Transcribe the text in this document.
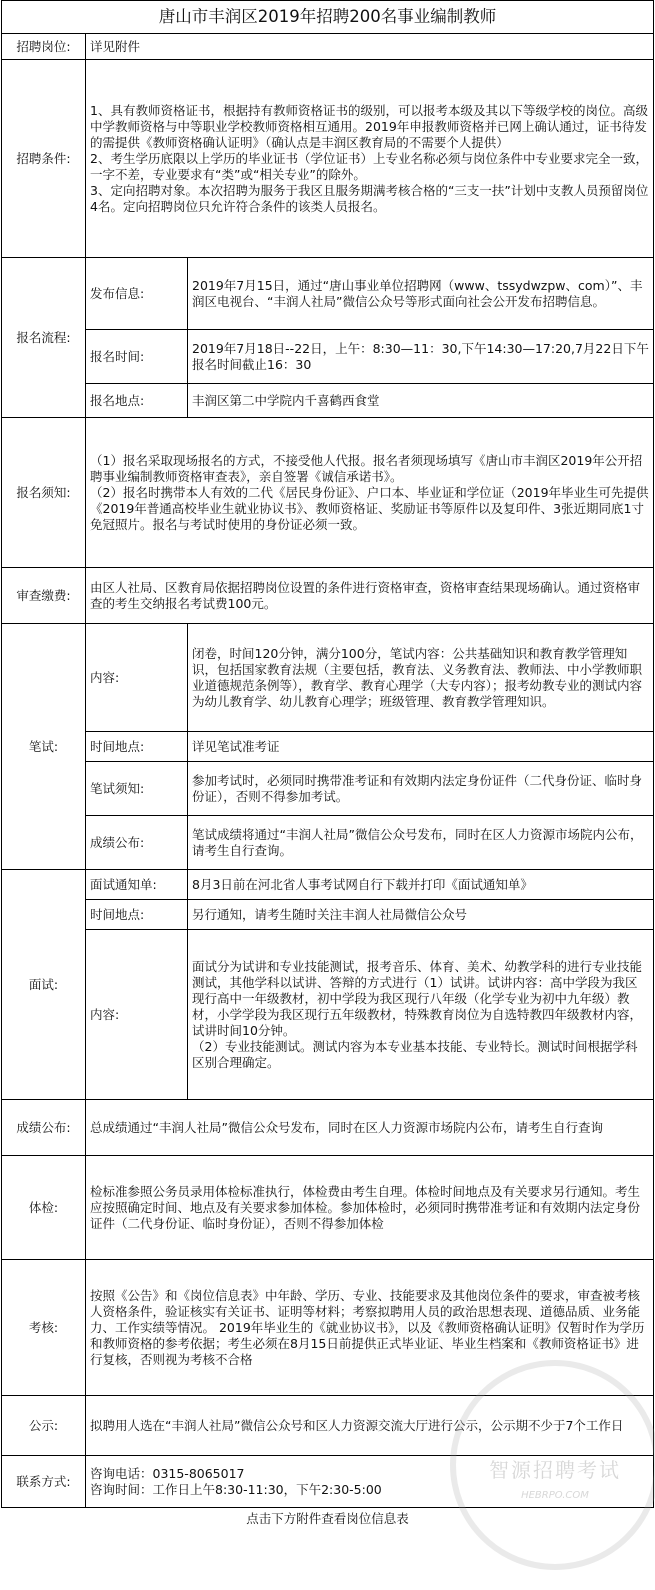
唐山市丰润区2019年招聘200名事业编制教师		
招聘岗位:	详见附件	
招聘条件:	1、具有教师资格证书，根据持有教师资格证书的级别，可以报考本级及其以下等级学校的岗位。高级中学教师资格与中等职业学校教师资格相互通用。2019年申报教师资格并已网上确认通过，证书待发的需提供《教师资格确认证明》（确认点是丰润区教育局的不需要个人提供）
2、考生学历底限以上学历的毕业证书（学位证书）上专业名称必须与岗位条件中专业要求完全一致，一字不差，专业要求有“类”或“相关专业”的除外。
3、定向招聘对象。本次招聘为服务于我区且服务期满考核合格的“三支一扶”计划中支教人员预留岗位4名。定向招聘岗位只允许符合条件的该类人员报名。	
报名流程:	发布信息:	2019年7月15日，通过“唐山事业单位招聘网（www、tssydwzpw、com）”、丰润区电视台、“丰润人社局”微信公众号等形式面向社会公开发布招聘信息。
	报名时间:	2019年7月18日--22日，上午：8:30—11：30,下午14:30—17:20,7月22日下午报名时间截止16：30
	报名地点:	丰润区第二中学院内千喜鹤西食堂
报名须知:	（1）报名采取现场报名的方式，不接受他人代报。报名者须现场填写《唐山市丰润区2019年公开招聘事业编制教师资格审查表》，亲自签署《诚信承诺书》。
（2）报名时携带本人有效的二代《居民身份证》、户口本、毕业证和学位证（2019年毕业生可先提供《2019年普通高校毕业生就业协议书》、教师资格证、奖励证书等原件以及复印件、3张近期同底1寸免冠照片。报名与考试时使用的身份证必须一致。	
审查缴费:	由区人社局、区教育局依据招聘岗位设置的条件进行资格审查，资格审查结果现场确认。通过资格审查的考生交纳报名考试费100元。	
笔试:	内容:	闭卷，时间120分钟，满分100分，笔试内容：公共基础知识和教育教学管理知识，包括国家教育法规（主要包括，教育法、义务教育法、教师法、中小学教师职业道德规范条例等），教育学、教育心理学（大专内容）；报考幼教专业的测试内容为幼儿教育学、幼儿教育心理学；班级管理、教育教学管理知识。
	时间地点:	详见笔试准考证
	笔试须知:	参加考试时，必须同时携带准考证和有效期内法定身份证件（二代身份证、临时身份证），否则不得参加考试。
	成绩公布:	笔试成绩将通过“丰润人社局”微信公众号发布，同时在区人力资源市场院内公布，请考生自行查询。
面试:	面试通知单:	8月3日前在河北省人事考试网自行下载并打印《面试通知单》
	时间地点:	另行通知，请考生随时关注丰润人社局微信公众号
	内容:	面试分为试讲和专业技能测试，报考音乐、体育、美术、幼教学科的进行专业技能测试，其他学科以试讲、答辩的方式进行（1）试讲。试讲内容：高中学段为我区现行高中一年级教材，初中学段为我区现行八年级（化学专业为初中九年级）教材，小学学段为我区现行五年级教材，特殊教育岗位为自选特教四年级教材内容，试讲时间10分钟。
（2）专业技能测试。测试内容为本专业基本技能、专业特长。测试时间根据学科区别合理确定。
成绩公布:	总成绩通过“丰润人社局”微信公众号发布，同时在区人力资源市场院内公布，请考生自行查询	
体检:	检标准参照公务员录用体检标准执行，体检费由考生自理。体检时间地点及有关要求另行通知。考生应按照确定时间、地点及有关要求参加体检。参加体检时，必须同时携带准考证和有效期内法定身份证件（二代身份证、临时身份证），否则不得参加体检	
考核:	按照《公告》和《岗位信息表》中年龄、学历、专业、技能要求及其他岗位条件的要求，审查被考核人资格条件，验证核实有关证书、证明等材料；考察拟聘用人员的政治思想表现、道德品质、业务能力、工作实绩等情况。 2019年毕业生的《就业协议书》，以及《教师资格确认证明》仅暂时作为学历和教师资格的参考依据；考生必须在8月15日前提供正式毕业证、毕业生档案和《教师资格证书》进行复核，否则视为考核不合格	
公示:	拟聘用人选在“丰润人社局”微信公众号和区人力资源交流大厅进行公示，公示期不少于7个工作日	
联系方式:	咨询电话：0315-8065017
咨询时间：工作日上午8:30-11:30，下午2:30-5:00	

点击下方附件查看岗位信息表		
智源招聘考试
HEBRPO.COM
